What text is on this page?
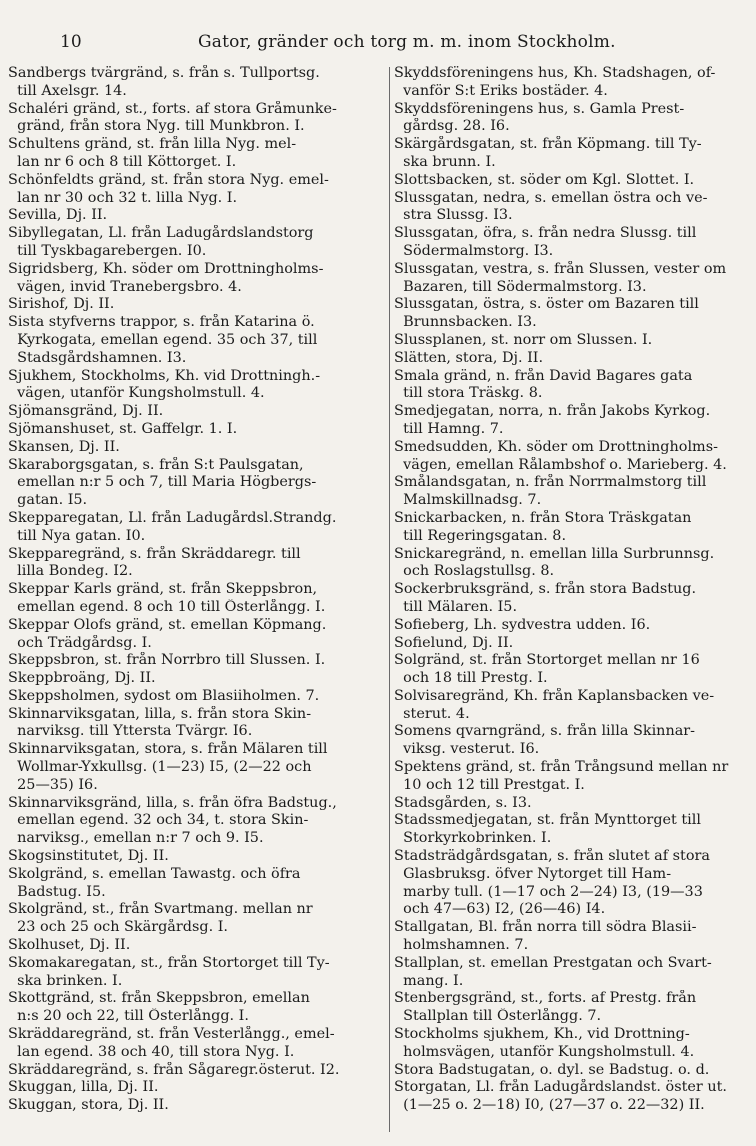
10	Gator, gränder och torg m. m. inom Stockholm.
Sandbergs tvärgränd, s. från s. Tullportsg.
till Axelsgr. 14.
Schaléri gränd, st., forts. af stora Gråmunke-
gränd, från stora Nyg. till Munkbron. I.
Schultens gränd, st. från lilla Nyg. mel-
lan nr 6 och 8 till Köttorget. I.
Schönfeldts gränd, st. från stora Nyg. emel-
lan nr 30 och 32 t. lilla Nyg. I.
Sevilla, Dj. II.
Sibyllegatan, Ll. från Ladugårdslandstorg
till Tyskbagarebergen. I0.
Sigridsberg, Kh. söder om Drottningholms-
vägen, invid Tranebergsbro. 4.
Sirishof, Dj. II.
Sista styfverns trappor, s. från Katarina ö.
Kyrkogata, emellan egend. 35 och 37, till
Stadsgårdshamnen. I3.
Sjukhem, Stockholms, Kh. vid Drottningh.-
vägen, utanför Kungsholmstull. 4.
Sjömansgränd, Dj. II.
Sjömanshuset, st. Gaffelgr. 1. I.
Skansen, Dj. II.
Skaraborgsgatan, s. från S:t Paulsgatan,
emellan n:r 5 och 7, till Maria Högbergs-
gatan. I5.
Skepparegatan, Ll. från Ladugårdsl.Strandg.
till Nya gatan. I0.
Skepparegränd, s. från Skräddaregr. till
lilla Bondeg. I2.
Skeppar Karls gränd, st. från Skeppsbron,
emellan egend. 8 och 10 till Österlångg. I.
Skeppar Olofs gränd, st. emellan Köpmang.
och Trädgårdsg. I.
Skeppsbron, st. från Norrbro till Slussen. I.
Skeppbroäng, Dj. II.
Skeppsholmen, sydost om Blasiiholmen. 7.
Skinnarviksgatan, lilla, s. från stora Skin-
narviksg. till Yttersta Tvärgr. I6.
Skinnarviksgatan, stora, s. från Mälaren till
Wollmar-Yxkullsg. (1—23) I5, (2—22 och
25—35) I6.
Skinnarviksgränd, lilla, s. från öfra Badstug.,
emellan egend. 32 och 34, t. stora Skin-
narviksg., emellan n:r 7 och 9. I5.
Skogsinstitutet, Dj. II.
Skolgränd, s. emellan Tawastg. och öfra
Badstug. I5.
Skolgränd, st., från Svartmang. mellan nr
23 och 25 och Skärgårdsg. I.
Skolhuset, Dj. II.
Skomakaregatan, st., från Stortorget till Ty-
ska brinken. I.
Skottgränd, st. från Skeppsbron, emellan
n:s 20 och 22, till Österlångg. I.
Skräddaregränd, st. från Vesterlångg., emel-
lan egend. 38 och 40, till stora Nyg. I.
Skräddaregränd, s. från Sågaregr.österut. I2.
Skuggan, lilla, Dj. II.
Skuggan, stora, Dj. II.
Skyddsföreningens hus, Kh. Stadshagen, of-
vanför S:t Eriks bostäder. 4.
Skyddsföreningens hus, s. Gamla Prest-
gårdsg. 28. I6.
Skärgårdsgatan, st. från Köpmang. till Ty-
ska brunn. I.
Slottsbacken, st. söder om Kgl. Slottet. I.
Slussgatan, nedra, s. emellan östra och ve-
stra Slussg. I3.
Slussgatan, öfra, s. från nedra Slussg. till
Södermalmstorg. I3.
Slussgatan, vestra, s. från Slussen, vester om
Bazaren, till Södermalmstorg. I3.
Slussgatan, östra, s. öster om Bazaren till
Brunnsbacken. I3.
Slussplanen, st. norr om Slussen. I.
Slätten, stora, Dj. II.
Smala gränd, n. från David Bagares gata
till stora Träskg. 8.
Smedjegatan, norra, n. från Jakobs Kyrkog.
till Hamng. 7.
Smedsudden, Kh. söder om Drottningholms-
vägen, emellan Rålambshof o. Marieberg. 4.
Smålandsgatan, n. från Norrmalmstorg till
Malmskillnadsg. 7.
Snickarbacken, n. från Stora Träskgatan
till Regeringsgatan. 8.
Snickaregränd, n. emellan lilla Surbrunnsg.
och Roslagstullsg. 8.
Sockerbruksgränd, s. från stora Badstug.
till Mälaren. I5.
Sofieberg, Lh. sydvestra udden. I6.
Sofielund, Dj. II.
Solgränd, st. från Stortorget mellan nr 16
och 18 till Prestg. I.
Solvisaregränd, Kh. från Kaplansbacken ve-
sterut. 4.
Somens qvarngränd, s. från lilla Skinnar-
viksg. vesterut. I6.
Spektens gränd, st. från Trångsund mellan nr
10 och 12 till Prestgat. I.
Stadsgården, s. I3.
Stadssmedjegatan, st. från Mynttorget till
Storkyrkobrinken. I.
Stadsträdgårdsgatan, s. från slutet af stora
Glasbruksg. öfver Nytorget till Ham-
marby tull. (1—17 och 2—24) I3, (19—33
och 47—63) I2, (26—46) I4.
Stallgatan, Bl. från norra till södra Blasii-
holmshamnen. 7.
Stallplan, st. emellan Prestgatan och Svart-
mang. I.
Stenbergsgränd, st., forts. af Prestg. från
Stallplan till Österlångg. 7.
Stockholms sjukhem, Kh., vid Drottning-
holmsvägen, utanför Kungsholmstull. 4.
Stora Badstugatan, o. dyl. se Badstug. o. d.
Storgatan, Ll. från Ladugårdslandst. öster ut.
(1—25 o. 2—18) I0, (27—37 o. 22—32) II.
